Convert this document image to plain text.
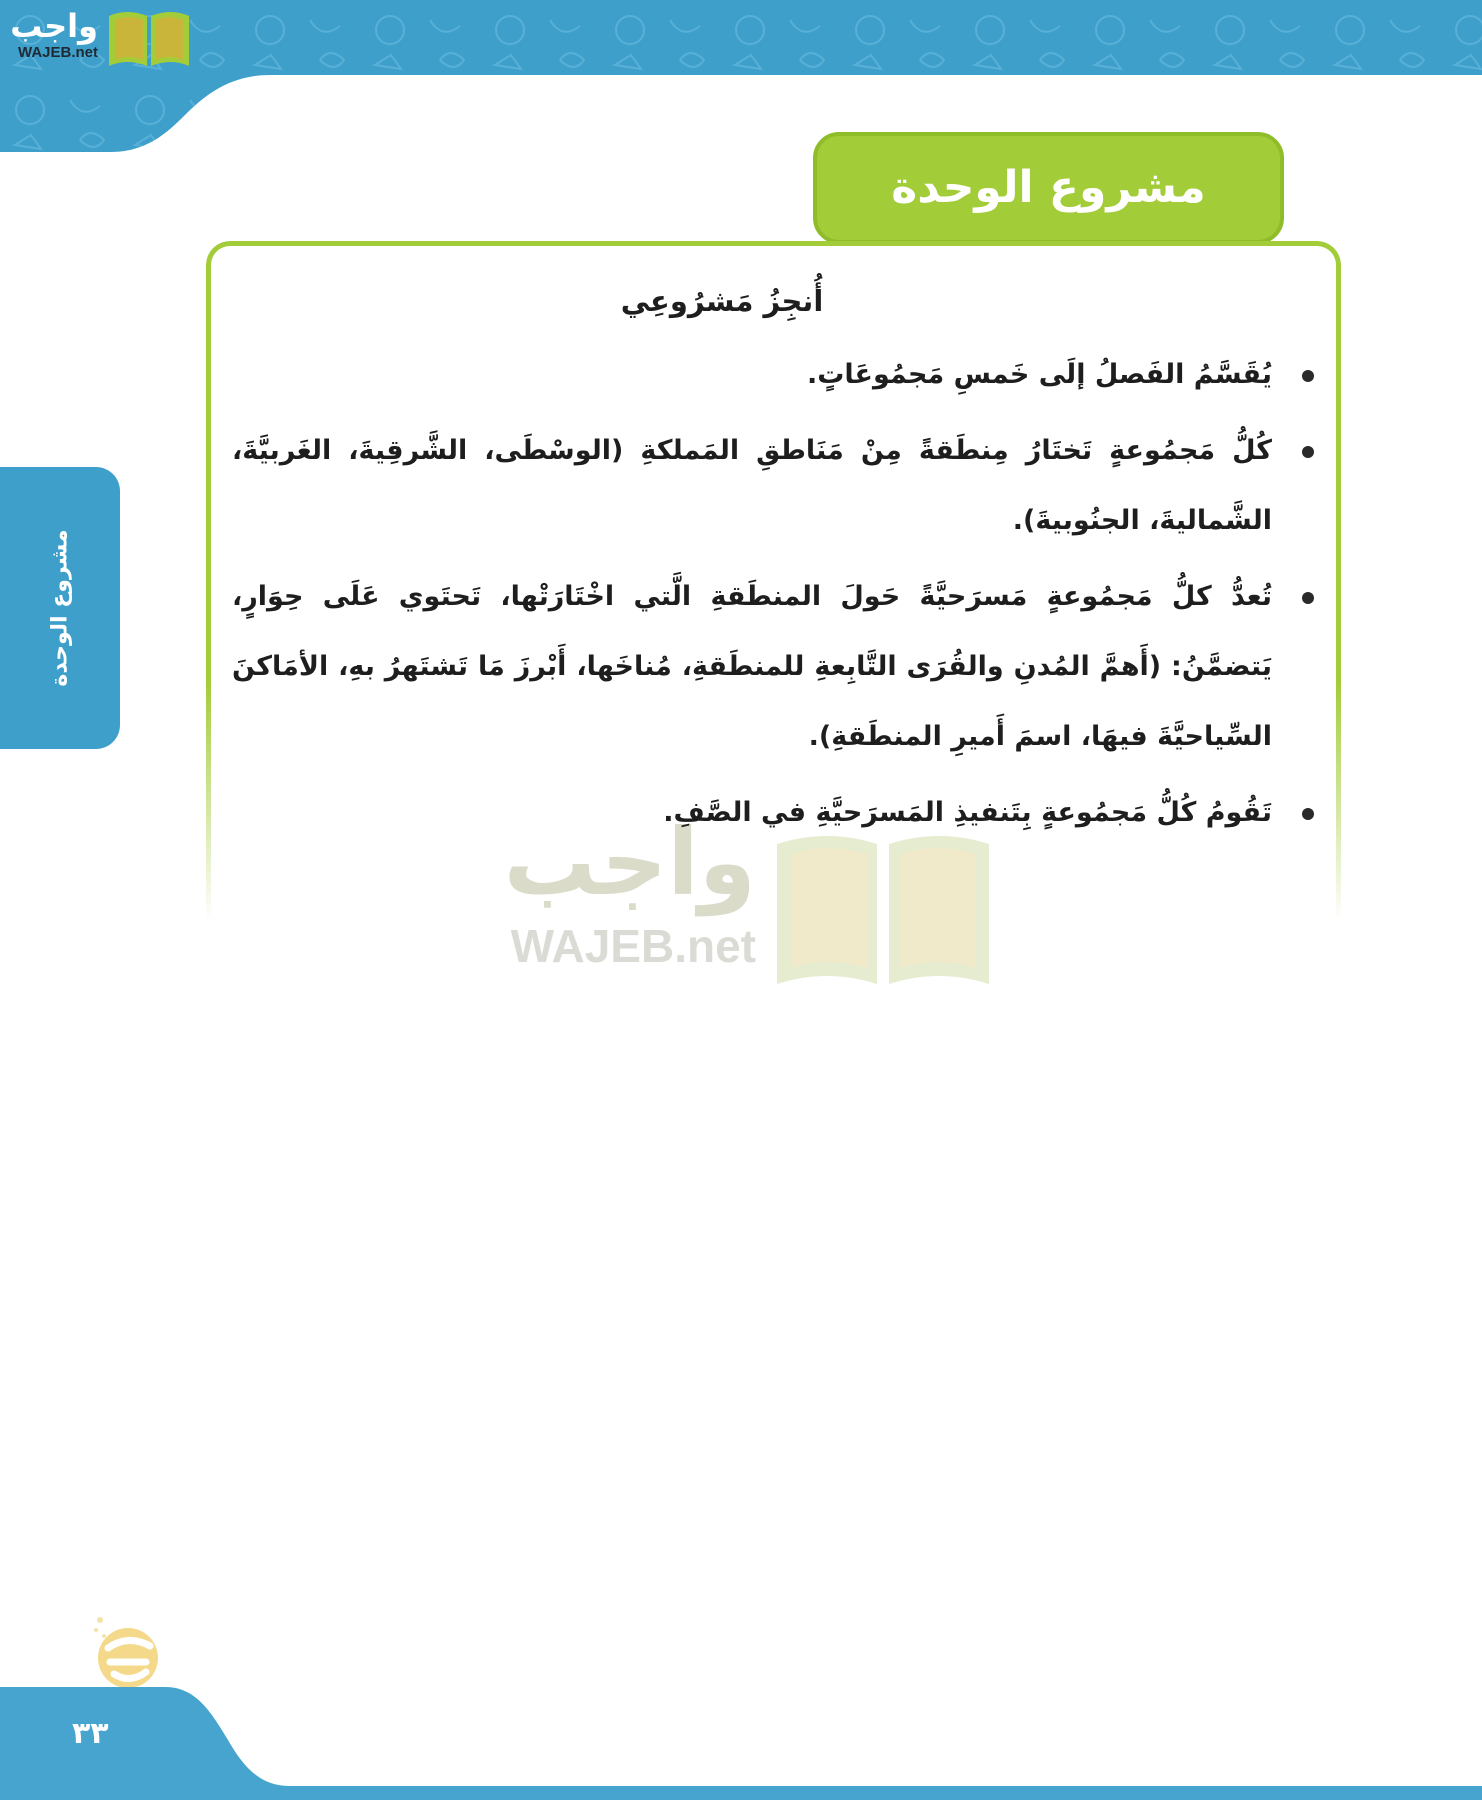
واجب
WAJEB.net
مشروع الوحدة
واجب
WAJEB.net
أُنجِزُ مَشرُوعِي
يُقَسَّمُ الفَصلُ إلَى خَمسِ مَجمُوعَاتٍ.
كُلُّ مَجمُوعةٍ تَختَارُ مِنطَقةً مِنْ مَنَاطقِ المَملكةِ (الوسْطَى، الشَّرقِيةَ، الغَربيَّةَ، الشَّماليةَ، الجنُوبيةَ).
تُعدُّ كلُّ مَجمُوعةٍ مَسرَحيَّةً حَولَ المنطَقةِ الَّتي اخْتَارَتْها، تَحتَوي عَلَى حِوَارٍ، يَتضمَّنُ: (أَهمَّ المُدنِ والقُرَى التَّابِعةِ للمنطَقةِ، مُناخَها، أَبْرزَ مَا تَشتَهرُ بهِ، الأمَاكنَ السِّياحيَّةَ فيهَا، اسمَ أَميرِ المنطَقةِ).
تَقُومُ كُلُّ مَجمُوعةٍ بِتَنفيذِ المَسرَحيَّةِ في الصَّفِ.
مشروع الوحدة
٣٣
